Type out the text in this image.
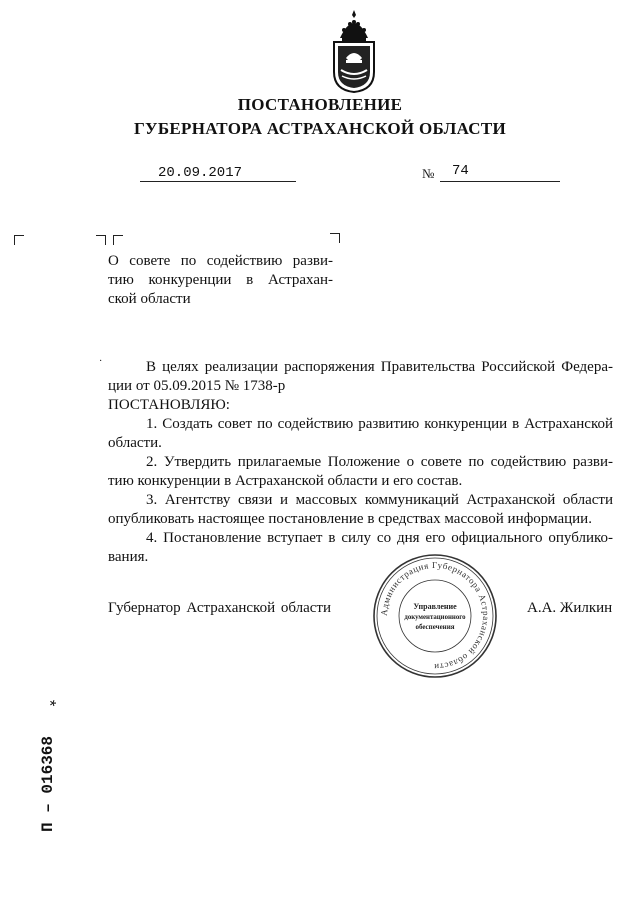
ПОСТАНОВЛЕНИЕ
ГУБЕРНАТОРА АСТРАХАНСКОЙ ОБЛАСТИ
20.09.2017	№ 74
О совете по содействию разви-
тию конкуренции в Астрахан-
ской области
·	В целях реализации распоряжения Правительства Российской Федера-
ции от 05.09.2015 № 1738-р
ПОСТАНОВЛЯЮ:
1. Создать совет по содействию развитию конкуренции в Астраханской
области.
2. Утвердить прилагаемые Положение о совете по содействию разви-
тию конкуренции в Астраханской области и его состав.
3. Агентству связи и массовых коммуникаций Астраханской области
опубликовать настоящее постановление в средствах массовой информации.
4. Постановление вступает в силу со дня его официального опублико-
вания.
Губернатор Астраханской области	А.А. Жилкин
Администрация Губернатора Астраханской области
Управление
документационного
обеспечения
*
П – 016368
